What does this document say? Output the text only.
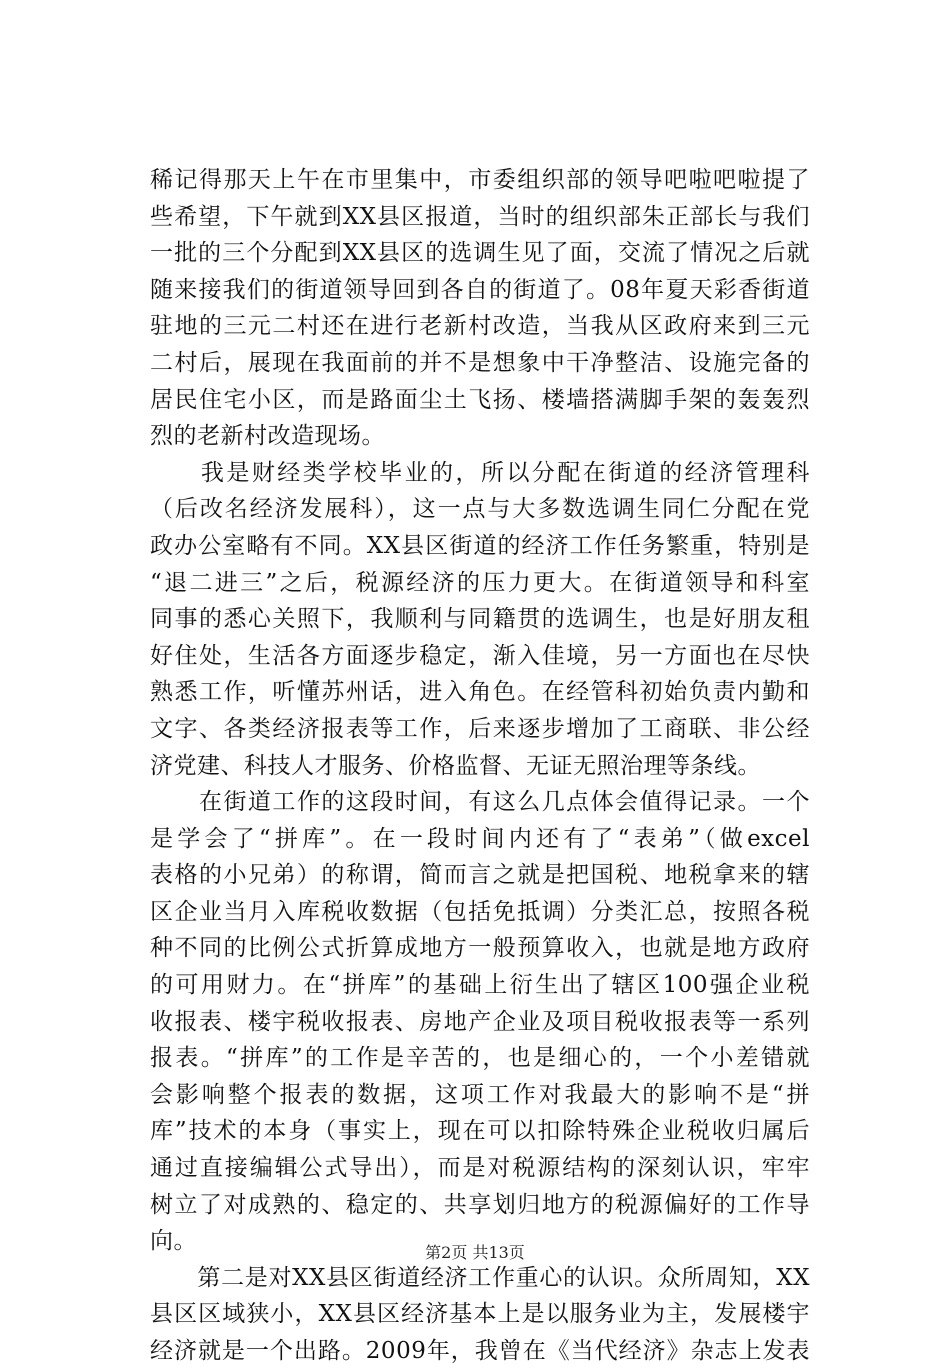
稀记得那天上午在市里集中，市委组织部的领导吧啦吧啦提了
些希望，下午就到XX县区报道，当时的组织部朱正部长与我们
一批的三个分配到XX县区的选调生见了面，交流了情况之后就
随来接我们的街道领导回到各自的街道了。08年夏天彩香街道
驻地的三元二村还在进行老新村改造，当我从区政府来到三元
二村后，展现在我面前的并不是想象中干净整洁、设施完备的
居民住宅小区，而是路面尘土飞扬、楼墙搭满脚手架的轰轰烈
烈的老新村改造现场。
　　我是财经类学校毕业的，所以分配在街道的经济管理科
（后改名经济发展科），这一点与大多数选调生同仁分配在党
政办公室略有不同。XX县区街道的经济工作任务繁重，特别是
“退二进三”之后，税源经济的压力更大。在街道领导和科室
同事的悉心关照下，我顺利与同籍贯的选调生，也是好朋友租
好住处，生活各方面逐步稳定，渐入佳境，另一方面也在尽快
熟悉工作，听懂苏州话，进入角色。在经管科初始负责内勤和
文字、各类经济报表等工作，后来逐步增加了工商联、非公经
济党建、科技人才服务、价格监督、无证无照治理等条线。
　　在街道工作的这段时间，有这么几点体会值得记录。一个
是学会了“拼库”。在一段时间内还有了“表弟”（做excel
表格的小兄弟）的称谓，简而言之就是把国税、地税拿来的辖
区企业当月入库税收数据（包括免抵调）分类汇总，按照各税
种不同的比例公式折算成地方一般预算收入，也就是地方政府
的可用财力。在“拼库”的基础上衍生出了辖区100强企业税
收报表、楼宇税收报表、房地产企业及项目税收报表等一系列
报表。“拼库”的工作是辛苦的，也是细心的，一个小差错就
会影响整个报表的数据，这项工作对我最大的影响不是“拼
库”技术的本身（事实上，现在可以扣除特殊企业税收归属后
通过直接编辑公式导出），而是对税源结构的深刻认识，牢牢
树立了对成熟的、稳定的、共享划归地方的税源偏好的工作导
向。
　　第二是对XX县区街道经济工作重心的认识。众所周知，XX
县区区域狭小，XX县区经济基本上是以服务业为主，发展楼宇
经济就是一个出路。2009年，我曾在《当代经济》杂志上发表
第2页 共13页
